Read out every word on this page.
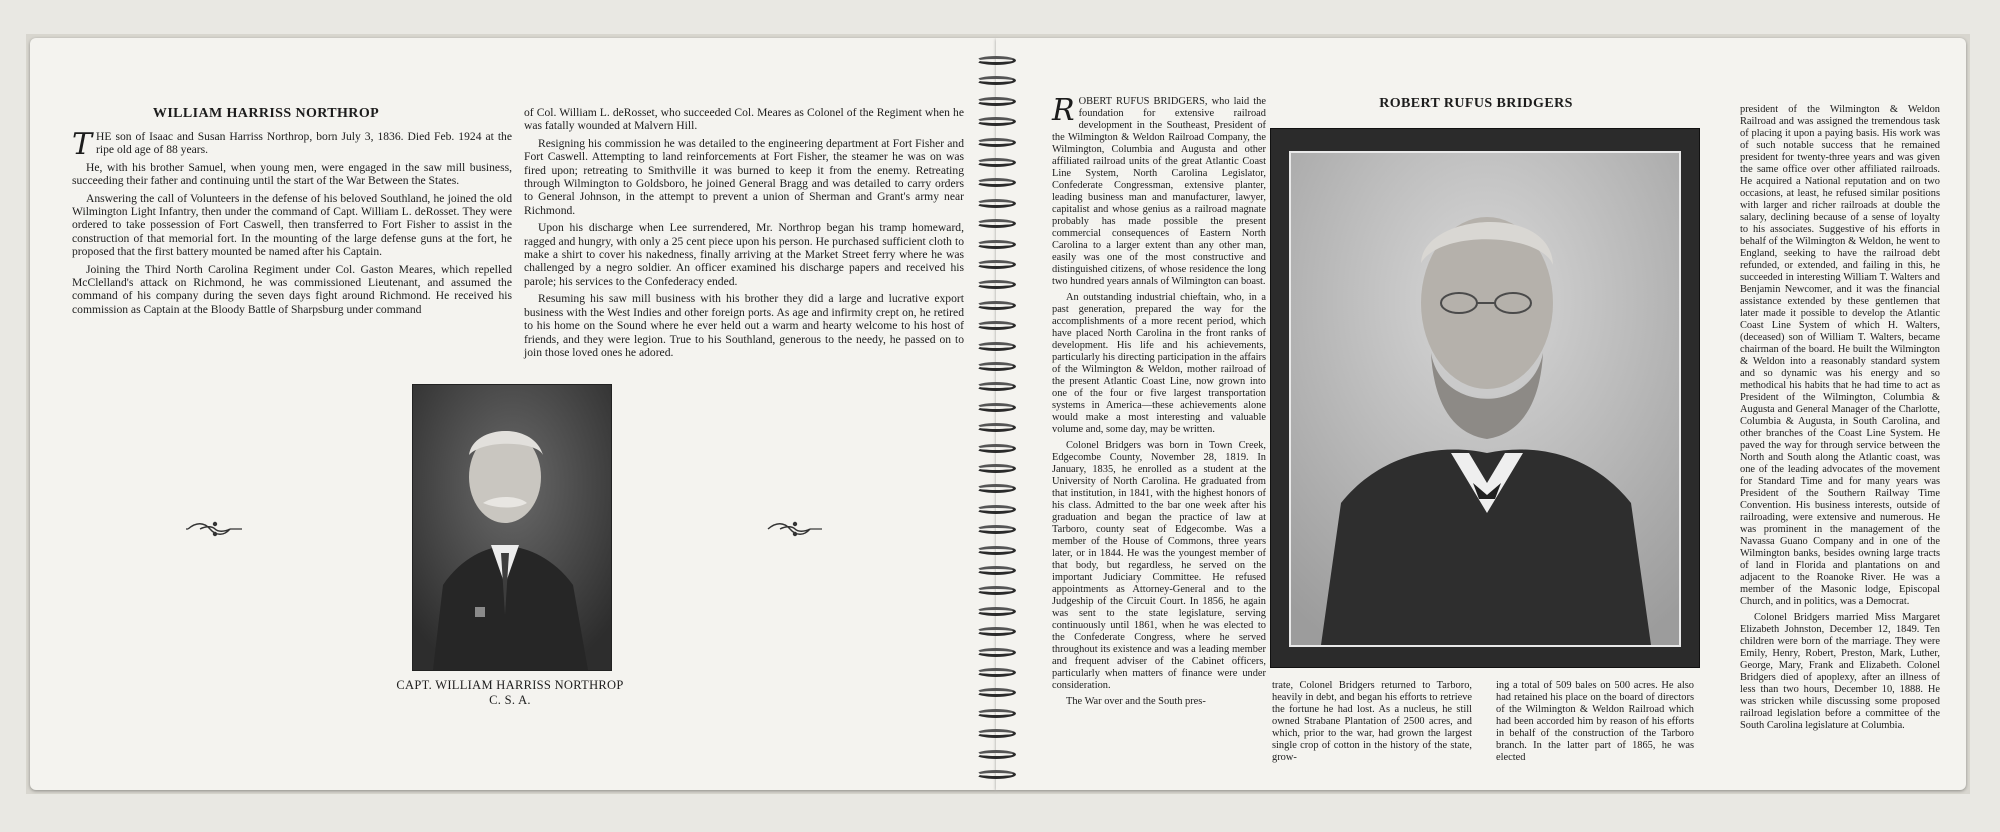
WILLIAM HARRISS NORTHROP

THE son of Isaac and Susan Harriss Northrop, born July 3, 1836. Died Feb. 1924 at the ripe old age of 88 years.

He, with his brother Samuel, when young men, were engaged in the saw mill business, succeeding their father and continuing until the start of the War Between the States.

Answering the call of Volunteers in the defense of his beloved Southland, he joined the old Wilmington Light Infantry, then under the command of Capt. William L. deRosset. They were ordered to take possession of Fort Caswell, then transferred to Fort Fisher to assist in the construction of that memorial fort. In the mounting of the large defense guns at the fort, he proposed that the first battery mounted be named after his Captain.

Joining the Third North Carolina Regiment under Col. Gaston Meares, which repelled McClelland's attack on Richmond, he was commissioned Lieutenant, and assumed the command of his company during the seven days fight around Richmond. He received his commission as Captain at the Bloody Battle of Sharpsburg under command

of Col. William L. deRosset, who succeeded Col. Meares as Colonel of the Regiment when he was fatally wounded at Malvern Hill.

Resigning his commission he was detailed to the engineering department at Fort Fisher and Fort Caswell. Attempting to land reinforcements at Fort Fisher, the steamer he was on was fired upon; retreating to Smithville it was burned to keep it from the enemy. Retreating through Wilmington to Goldsboro, he joined General Bragg and was detailed to carry orders to General Johnson, in the attempt to prevent a union of Sherman and Grant's army near Richmond.

Upon his discharge when Lee surrendered, Mr. Northrop began his tramp homeward, ragged and hungry, with only a 25 cent piece upon his person. He purchased sufficient cloth to make a shirt to cover his nakedness, finally arriving at the Market Street ferry where he was challenged by a negro soldier. An officer examined his discharge papers and received his parole; his services to the Confederacy ended.

Resuming his saw mill business with his brother they did a large and lucrative export business with the West Indies and other foreign ports. As age and infirmity crept on, he retired to his home on the Sound where he ever held out a warm and hearty welcome to his host of friends, and they were legion. True to his Southland, generous to the needy, he passed on to join those loved ones he adored.

CAPT. WILLIAM HARRISS NORTHROP
C. S. A.

ROBERT RUFUS BRIDGERS, who laid the foundation for extensive railroad development in the Southeast, President of the Wilmington & Weldon Railroad Company, the Wilmington, Columbia and Augusta and other affiliated railroad units of the great Atlantic Coast Line System, North Carolina Legislator, Confederate Congressman, extensive planter, leading business man and manufacturer, lawyer, capitalist and whose genius as a railroad magnate probably has made possible the present commercial consequences of Eastern North Carolina to a larger extent than any other man, easily was one of the most constructive and distinguished citizens, of whose residence the long two hundred years annals of Wilmington can boast.

An outstanding industrial chieftain, who, in a past generation, prepared the way for the accomplishments of a more recent period, which have placed North Carolina in the front ranks of development. His life and his achievements, particularly his directing participation in the affairs of the Wilmington & Weldon, mother railroad of the present Atlantic Coast Line, now grown into one of the four or five largest transportation systems in America—these achievements alone would make a most interesting and valuable volume and, some day, may be written.

Colonel Bridgers was born in Town Creek, Edgecombe County, November 28, 1819. In January, 1835, he enrolled as a student at the University of North Carolina. He graduated from that institution, in 1841, with the highest honors of his class. Admitted to the bar one week after his graduation and began the practice of law at Tarboro, county seat of Edgecombe. Was a member of the House of Commons, three years later, or in 1844. He was the youngest member of that body, but regardless, he served on the important Judiciary Committee. He refused appointments as Attorney-General and to the Judgeship of the Circuit Court. In 1856, he again was sent to the state legislature, serving continuously until 1861, when he was elected to the Confederate Congress, where he served throughout its existence and was a leading member and frequent adviser of the Cabinet officers, particularly when matters of finance were under consideration.

The War over and the South pres-

ROBERT RUFUS BRIDGERS

trate, Colonel Bridgers returned to Tarboro, heavily in debt, and began his efforts to retrieve the fortune he had lost. As a nucleus, he still owned Strabane Plantation of 2500 acres, and which, prior to the war, had grown the largest single crop of cotton in the history of the state, grow-

ing a total of 509 bales on 500 acres. He also had retained his place on the board of directors of the Wilmington & Weldon Railroad which had been accorded him by reason of his efforts in behalf of the construction of the Tarboro branch. In the latter part of 1865, he was elected

president of the Wilmington & Weldon Railroad and was assigned the tremendous task of placing it upon a paying basis. His work was of such notable success that he remained president for twenty-three years and was given the same office over other affiliated railroads. He acquired a National reputation and on two occasions, at least, he refused similar positions with larger and richer railroads at double the salary, declining because of a sense of loyalty to his associates. Suggestive of his efforts in behalf of the Wilmington & Weldon, he went to England, seeking to have the railroad debt refunded, or extended, and failing in this, he succeeded in interesting William T. Walters and Benjamin Newcomer, and it was the financial assistance extended by these gentlemen that later made it possible to develop the Atlantic Coast Line System of which H. Walters, (deceased) son of William T. Walters, became chairman of the board. He built the Wilmington & Weldon into a reasonably standard system and so dynamic was his energy and so methodical his habits that he had time to act as President of the Wilmington, Columbia & Augusta and General Manager of the Charlotte, Columbia & Augusta, in South Carolina, and other branches of the Coast Line System. He paved the way for through service between the North and South along the Atlantic coast, was one of the leading advocates of the movement for Standard Time and for many years was President of the Southern Railway Time Convention. His business interests, outside of railroading, were extensive and numerous. He was prominent in the management of the Navassa Guano Company and in one of the Wilmington banks, besides owning large tracts of land in Florida and plantations on and adjacent to the Roanoke River. He was a member of the Masonic lodge, Episcopal Church, and in politics, was a Democrat.

Colonel Bridgers married Miss Margaret Elizabeth Johnston, December 12, 1849. Ten children were born of the marriage. They were Emily, Henry, Robert, Preston, Mark, Luther, George, Mary, Frank and Elizabeth. Colonel Bridgers died of apoplexy, after an illness of less than two hours, December 10, 1888. He was stricken while discussing some proposed railroad legislation before a committee of the South Carolina legislature at Columbia.
